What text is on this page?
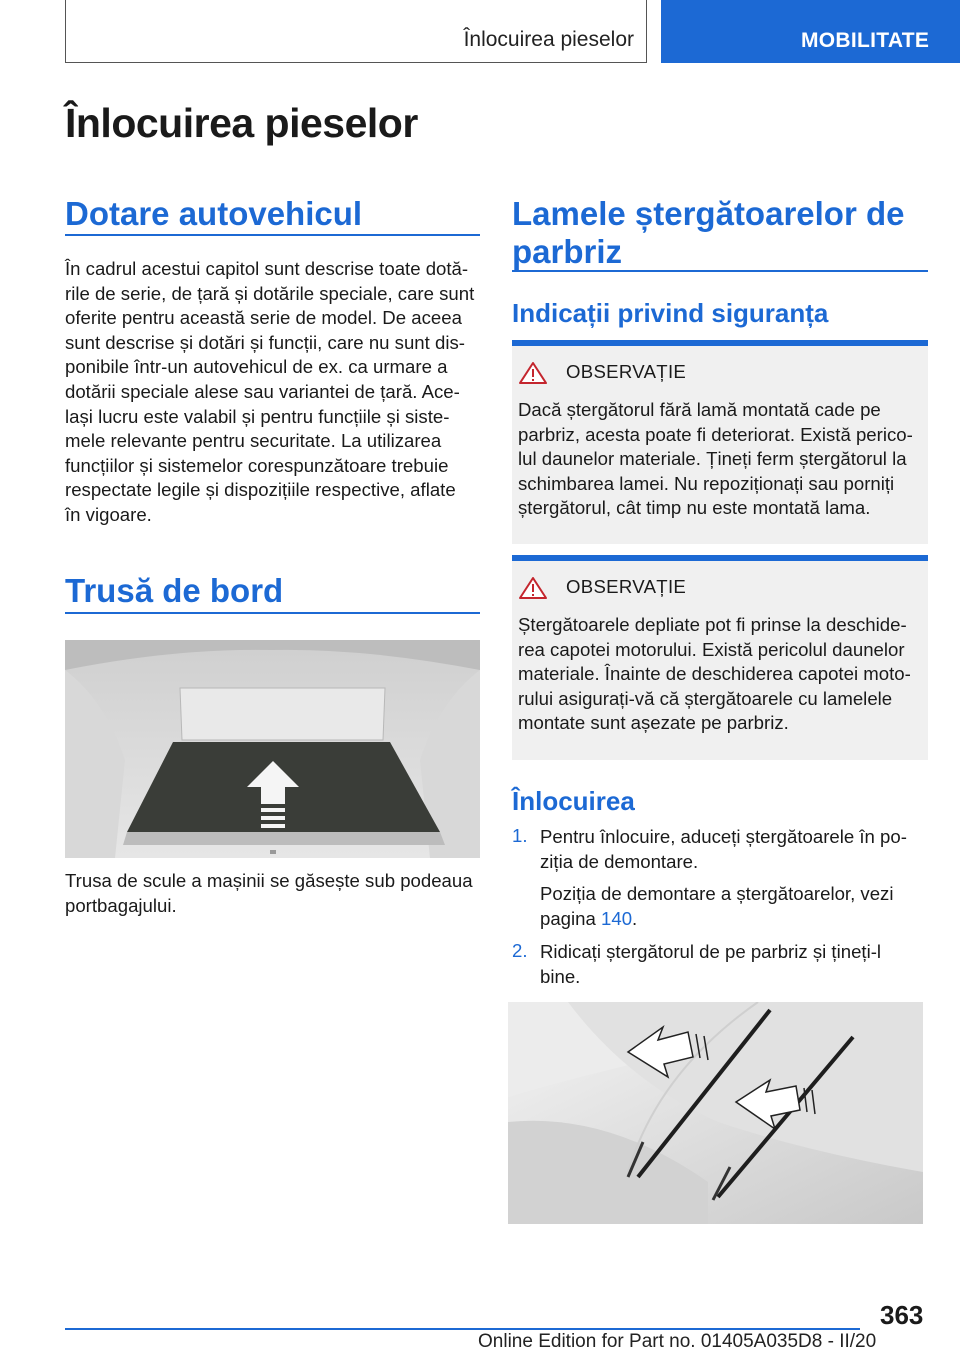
Înlocuirea pieselor	MOBILITATE
Înlocuirea pieselor
Dotare autovehicul

În cadrul acestui capitol sunt descrise toate dotă‐
rile de serie, de țară și dotările speciale, care sunt
oferite pentru această serie de model. De aceea
sunt descrise și dotări și funcții, care nu sunt dis‐
ponibile într-un autovehicul de ex. ca urmare a
dotării speciale alese sau variantei de țară. Ace‐
lași lucru este valabil și pentru funcțiile și siste‐
mele relevante pentru securitate. La utilizarea
funcțiilor și sistemelor corespunzătoare trebuie
respectate legile și dispozițiile respective, aflate
în vigoare.

Trusă de bord

Trusa de scule a mașinii se găsește sub podeaua
portbagajului.

Lamele ștergătoarelor de
parbriz
Indicații privind siguranța
OBSERVAȚIE

Dacă ștergătorul fără lamă montată cade pe
parbriz, acesta poate fi deteriorat. Există perico‐
lul daunelor materiale. Țineți ferm ștergătorul la
schimbarea lamei. Nu repoziționați sau porniți
ștergătorul, cât timp nu este montată lama.

OBSERVAȚIE

Ștergătoarele depliate pot fi prinse la deschide‐
rea capotei motorului. Există pericolul daunelor
materiale. Înainte de deschiderea capotei moto‐
rului asigurați-vă că ștergătoarele cu lamelele
montate sunt așezate pe parbriz.

Înlocuirea
1. Pentru înlocuire, aduceți ștergătoarele în po‐
ziția de demontare.

Poziția de demontare a ștergătoarelor, vezi
pagina 140.

2. Ridicați ștergătorul de pe parbriz și țineți-l
bine.

363
Online Edition for Part no. 01405A035D8 - II/20
